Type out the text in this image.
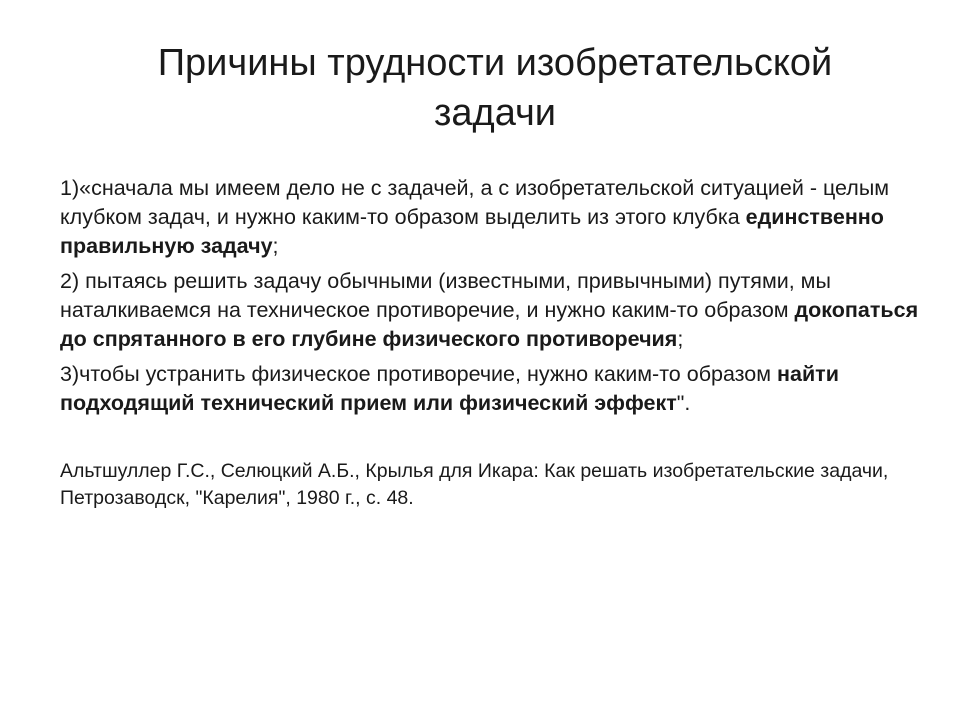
Причины трудности изобретательской задачи

1)«сначала мы имеем дело не с задачей, а с изобретательской ситуацией - целым клубком задач, и нужно каким-то образом выделить из этого клубка единственно правильную задачу;

2) пытаясь решить задачу обычными (известными, привычными) путями, мы наталкиваемся на техническое противоречие, и нужно каким-то образом докопаться до спрятанного в его глубине физического противоречия;

3)чтобы устранить физическое противоречие, нужно каким-то образом найти подходящий технический прием или физический эффект".

Альтшуллер Г.С., Селюцкий А.Б., Крылья для Икара: Как решать изобретательские задачи, Петрозаводск, "Карелия", 1980 г., с. 48.
